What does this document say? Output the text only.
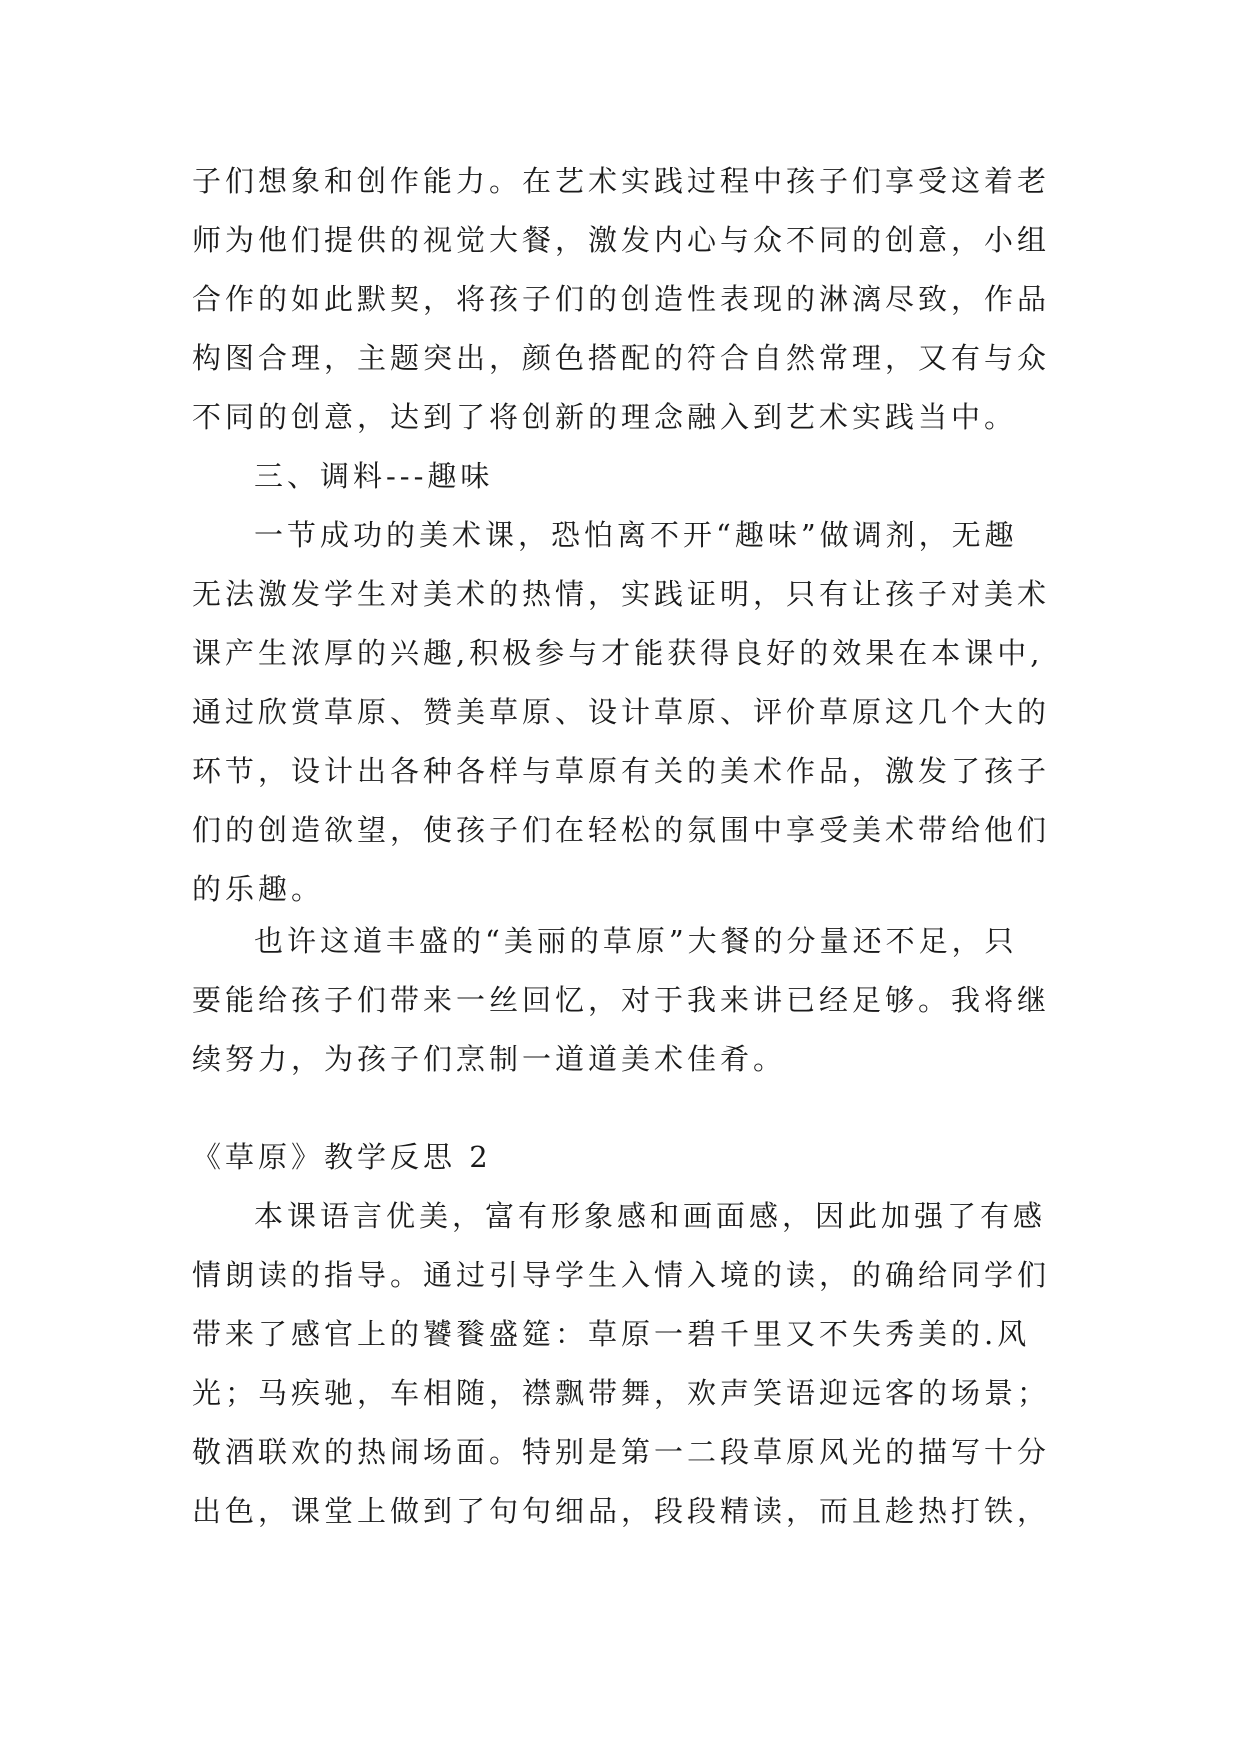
子们想象和创作能力。在艺术实践过程中孩子们享受这着老
师为他们提供的视觉大餐，激发内心与众不同的创意，小组
合作的如此默契，将孩子们的创造性表现的淋漓尽致，作品
构图合理，主题突出，颜色搭配的符合自然常理，又有与众
不同的创意，达到了将创新的理念融入到艺术实践当中。
三、调料---趣味
一节成功的美术课，恐怕离不开“趣味”做调剂，无趣
无法激发学生对美术的热情，实践证明，只有让孩子对美术
课产生浓厚的兴趣,积极参与才能获得良好的效果在本课中,
通过欣赏草原、赞美草原、设计草原、评价草原这几个大的
环节，设计出各种各样与草原有关的美术作品，激发了孩子
们的创造欲望，使孩子们在轻松的氛围中享受美术带给他们
的乐趣。
也许这道丰盛的“美丽的草原”大餐的分量还不足，只
要能给孩子们带来一丝回忆，对于我来讲已经足够。我将继
续努力，为孩子们烹制一道道美术佳肴。
《草原》教学反思 2
本课语言优美，富有形象感和画面感，因此加强了有感
情朗读的指导。通过引导学生入情入境的读，的确给同学们
带来了感官上的饕餮盛筵：草原一碧千里又不失秀美的.风
光；马疾驰，车相随，襟飘带舞，欢声笑语迎远客的场景；
敬酒联欢的热闹场面。特别是第一二段草原风光的描写十分
出色，课堂上做到了句句细品，段段精读，而且趁热打铁，
